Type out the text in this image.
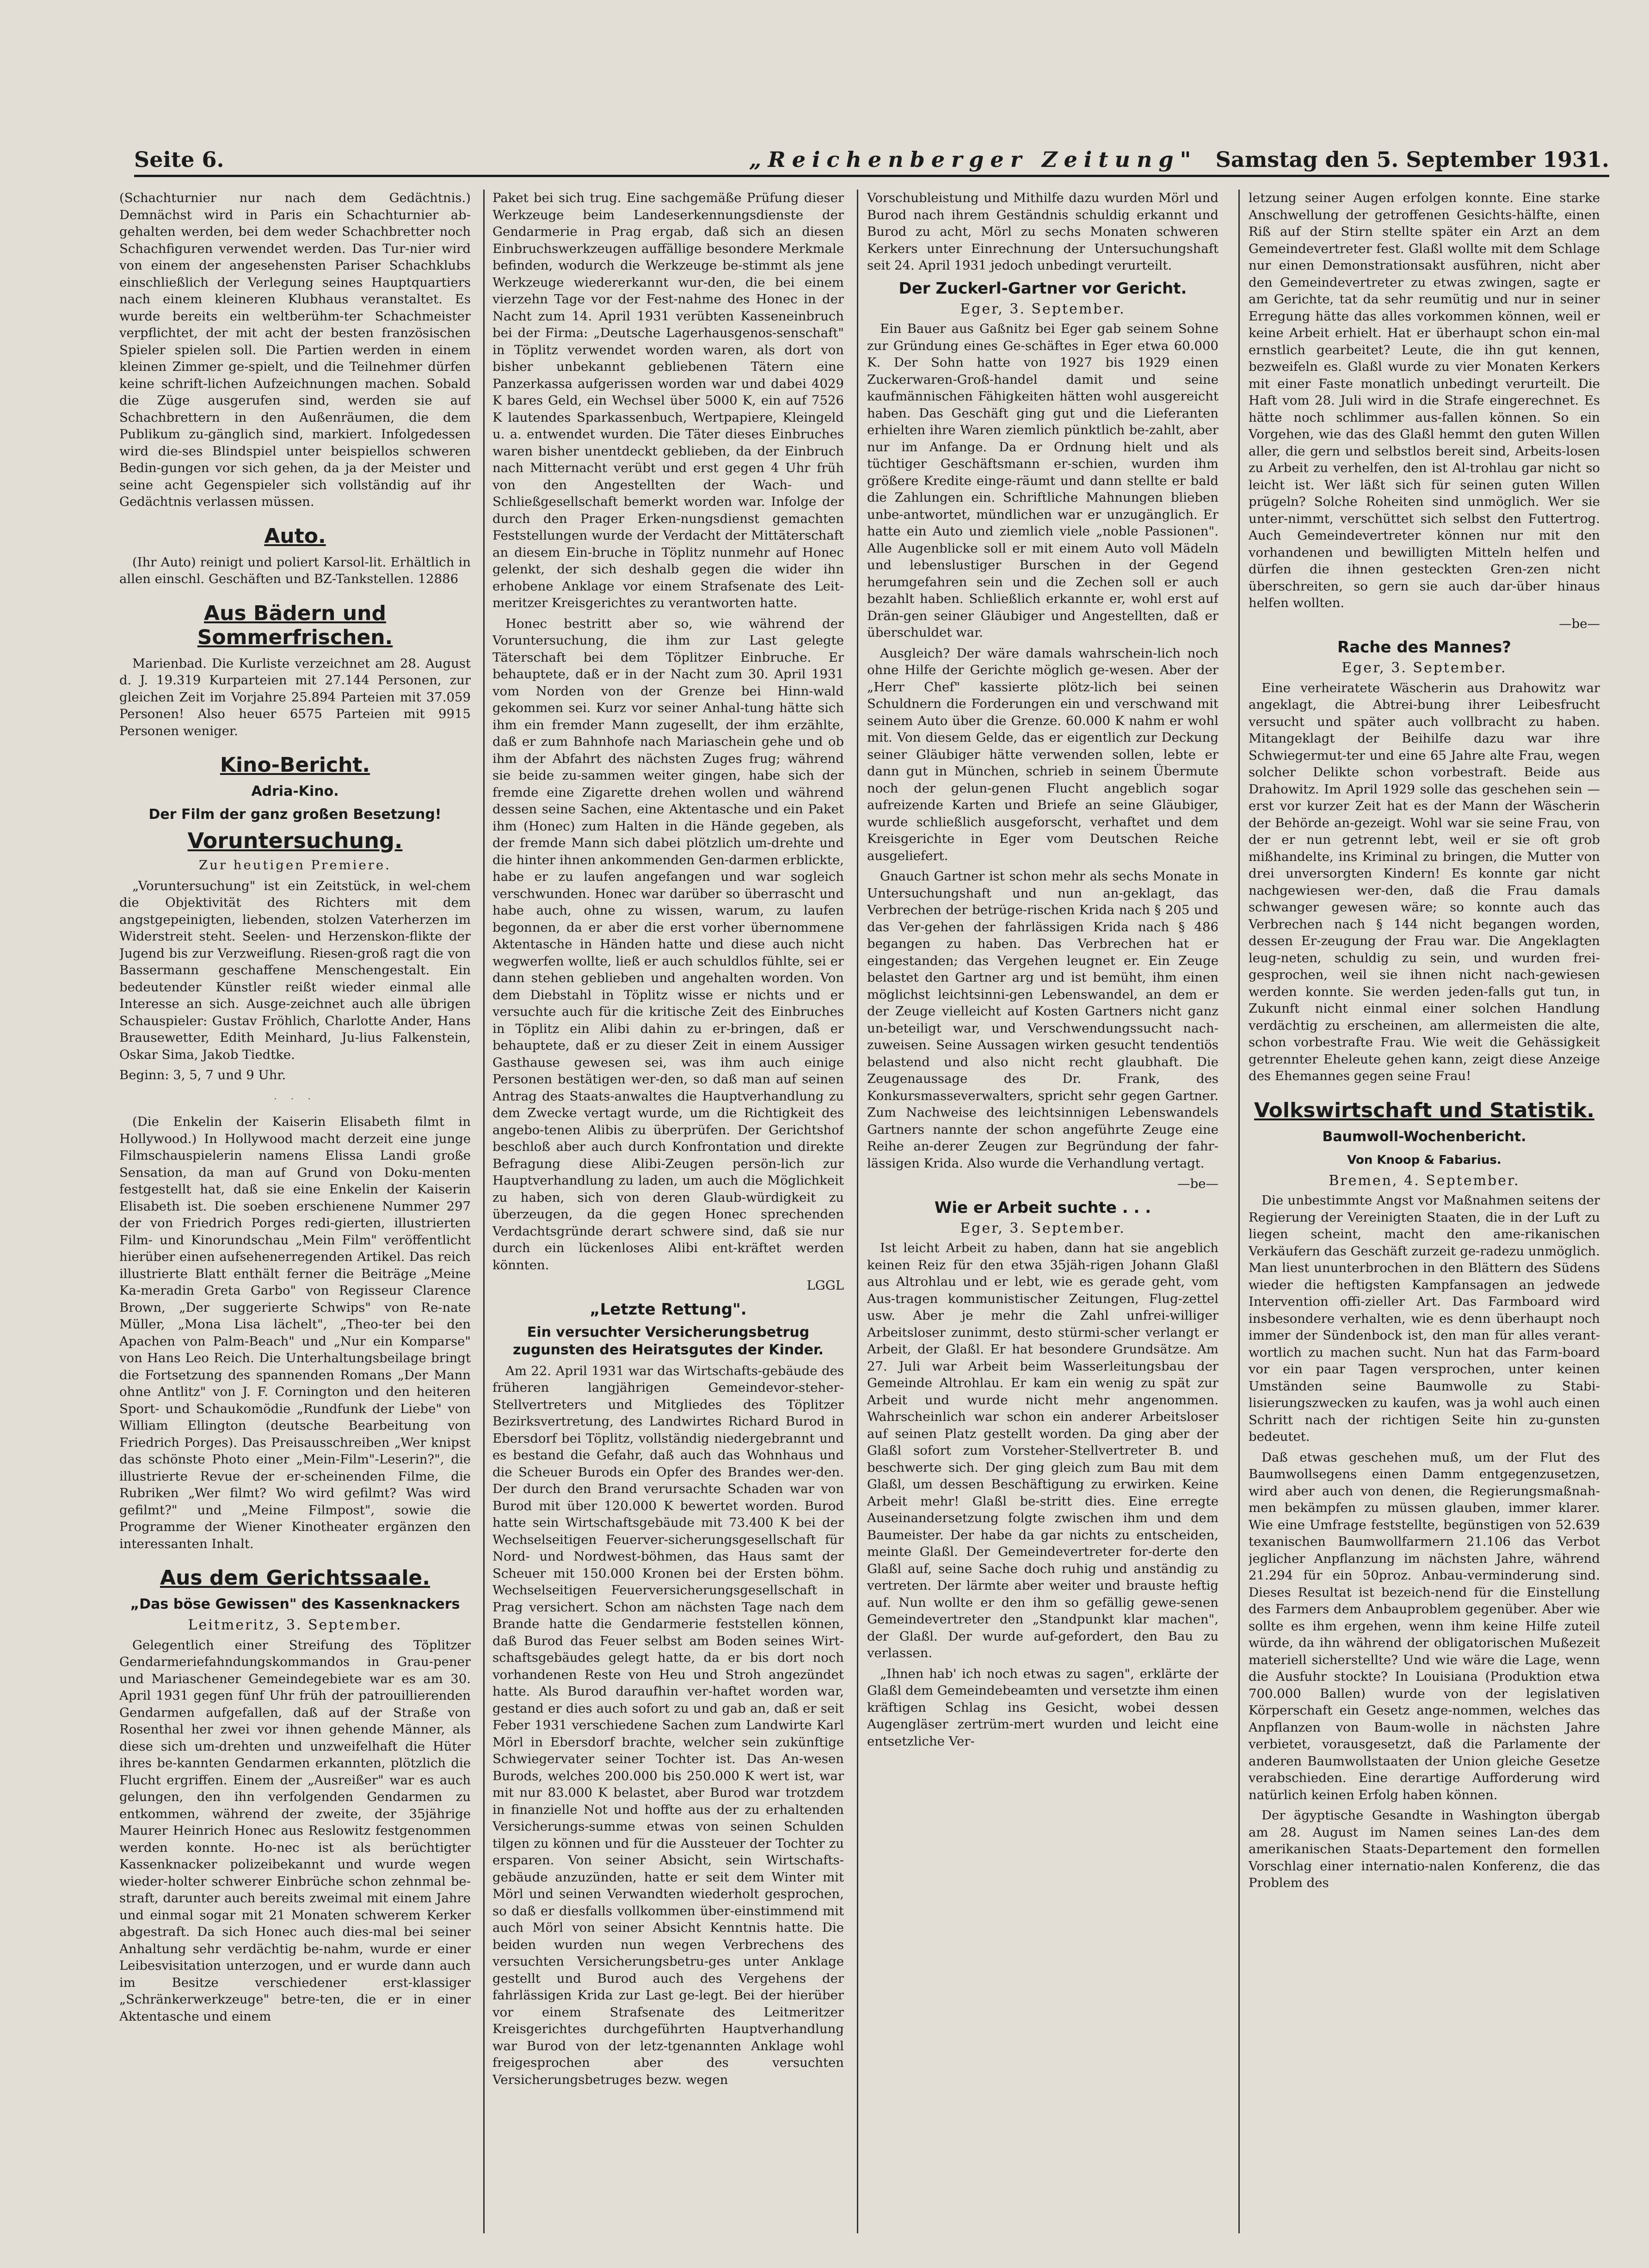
Seite 6.	„Reichenberger Zeitung" Samstag den 5. September 1931.

(Schachturnier nur nach dem Gedächtnis.) Demnächst wird in Paris ein Schachturnier ab-gehalten werden, bei dem weder Schachbretter noch Schachfiguren verwendet werden. Das Tur-nier wird von einem der angesehensten Pariser Schachklubs einschließlich der Verlegung seines Hauptquartiers nach einem kleineren Klubhaus veranstaltet. Es wurde bereits ein weltberühm-ter Schachmeister verpflichtet, der mit acht der besten französischen Spieler spielen soll. Die Partien werden in einem kleinen Zimmer ge-spielt, und die Teilnehmer dürfen keine schrift-lichen Aufzeichnungen machen. Sobald die Züge ausgerufen sind, werden sie auf Schachbrettern in den Außenräumen, die dem Publikum zu-gänglich sind, markiert. Infolgedessen wird die-ses Blindspiel unter beispiellos schweren Bedin-gungen vor sich gehen, da ja der Meister und seine acht Gegenspieler sich vollständig auf ihr Gedächtnis verlassen müssen.

Auto.

(Ihr Auto) reinigt und poliert Karsol-lit. Erhältlich in allen einschl. Geschäften und BZ-Tankstellen. 12886

Aus Bädern und Sommerfrischen.

Marienbad. Die Kurliste verzeichnet am 28. August d. J. 19.319 Kurparteien mit 27.144 Personen, zur gleichen Zeit im Vorjahre 25.894 Parteien mit 37.059 Personen! Also heuer 6575 Parteien mit 9915 Personen weniger.

Kino-Bericht.
Adria-Kino.
Der Film der ganz großen Besetzung!
Voruntersuchung.
Zur heutigen Premiere.

„Voruntersuchung" ist ein Zeitstück, in wel-chem die Objektivität des Richters mit dem angstgepeinigten, liebenden, stolzen Vaterherzen im Widerstreit steht. Seelen- und Herzenskon-flikte der Jugend bis zur Verzweiflung. Riesen-groß ragt die von Bassermann geschaffene Menschengestalt. Ein bedeutender Künstler reißt wieder einmal alle Interesse an sich. Ausge-zeichnet auch alle übrigen Schauspieler: Gustav Fröhlich, Charlotte Ander, Hans Brausewetter, Edith Meinhard, Ju-lius Falkenstein, Oskar Sima, Jakob Tiedtke.

Beginn: 3, 5, 7 und 9 Uhr.

· · ·

(Die Enkelin der Kaiserin Elisabeth filmt in Hollywood.) In Hollywood macht derzeit eine junge Filmschauspielerin namens Elissa Landi große Sensation, da man auf Grund von Doku-menten festgestellt hat, daß sie eine Enkelin der Kaiserin Elisabeth ist. Die soeben erschienene Nummer 297 der von Friedrich Porges redi-gierten, illustrierten Film- und Kinorundschau „Mein Film" veröffentlicht hierüber einen aufsehenerregenden Artikel. Das reich illustrierte Blatt enthält ferner die Beiträge „Meine Ka-meradin Greta Garbo" von Regisseur Clarence Brown, „Der suggerierte Schwips" von Re-nate Müller, „Mona Lisa lächelt", „Theo-ter bei den Apachen von Palm-Beach" und „Nur ein Komparse" von Hans Leo Reich. Die Unterhaltungsbeilage bringt die Fortsetzung des spannenden Romans „Der Mann ohne Antlitz" von J. F. Cornington und den heiteren Sport- und Schaukomödie „Rundfunk der Liebe" von William Ellington (deutsche Bearbeitung von Friedrich Porges). Das Preisausschreiben „Wer knipst das schönste Photo einer „Mein-Film"-Leserin?", die illustrierte Revue der er-scheinenden Filme, die Rubriken „Wer filmt? Wo wird gefilmt? Was wird gefilmt?" und „Meine Filmpost", sowie die Programme der Wiener Kinotheater ergänzen den interessanten Inhalt.

Aus dem Gerichtssaale.
„Das böse Gewissen" des Kassenknackers
Leitmeritz, 3. September.

Gelegentlich einer Streifung des Töplitzer Gendarmeriefahndungskommandos in Grau-pener und Mariaschener Gemeindegebiete war es am 30. April 1931 gegen fünf Uhr früh der patrouillierenden Gendarmen aufgefallen, daß auf der Straße von Rosenthal her zwei vor ihnen gehende Männer, als diese sich um-drehten und unzweifelhaft die Hüter ihres be-kannten Gendarmen erkannten, plötzlich die Flucht ergriffen. Einem der „Ausreißer" war es auch gelungen, den ihn verfolgenden Gendarmen zu entkommen, während der zweite, der 35jährige Maurer Heinrich Honec aus Reslowitz festgenommen werden konnte. Ho-nec ist als berüchtigter Kassenknacker polizeibekannt und wurde wegen wieder-holter schwerer Einbrüche schon zehnmal be-straft, darunter auch bereits zweimal mit einem Jahre und einmal sogar mit 21 Monaten schwerem Kerker abgestraft. Da sich Honec auch dies-mal bei seiner Anhaltung sehr verdächtig be-nahm, wurde er einer Leibesvisitation unterzogen, und er wurde dann auch im Besitze verschiedener erst-klassiger „Schränkerwerkzeuge" betre-ten, die er in einer Aktentasche und einem

Paket bei sich trug. Eine sachgemäße Prüfung dieser Werkzeuge beim Landeserkennungsdienste der Gendarmerie in Prag ergab, daß sich an diesen Einbruchswerkzeugen auffällige besondere Merkmale befinden, wodurch die Werkzeuge be-stimmt als jene Werkzeuge wiedererkannt wur-den, die bei einem vierzehn Tage vor der Fest-nahme des Honec in der Nacht zum 14. April 1931 verübten Kasseneinbruch bei der Firma: „Deutsche Lagerhausgenos-senschaft" in Töplitz verwendet worden waren, als dort von bisher unbekannt gebliebenen Tätern eine Panzerkassa aufgerissen worden war und dabei 4029 K bares Geld, ein Wechsel über 5000 K, ein auf 7526 K lautendes Sparkassenbuch, Wertpapiere, Kleingeld u. a. entwendet wurden. Die Täter dieses Einbruches waren bisher unentdeckt geblieben, da der Einbruch nach Mitternacht verübt und erst gegen 4 Uhr früh von den Angestellten der Wach- und Schließgesellschaft bemerkt worden war. Infolge der durch den Prager Erken-nungsdienst gemachten Feststellungen wurde der Verdacht der Mittäterschaft an diesem Ein-bruche in Töplitz nunmehr auf Honec gelenkt, der sich deshalb gegen die wider ihn erhobene Anklage vor einem Strafsenate des Leit-meritzer Kreisgerichtes zu verantworten hatte.

Honec bestritt aber so, wie während der Voruntersuchung, die ihm zur Last gelegte Täterschaft bei dem Töplitzer Einbruche. Er behauptete, daß er in der Nacht zum 30. April 1931 vom Norden von der Grenze bei Hinn-wald gekommen sei. Kurz vor seiner Anhal-tung hätte sich ihm ein fremder Mann zugesellt, der ihm erzählte, daß er zum Bahnhofe nach Mariaschein gehe und ob ihm der Abfahrt des nächsten Zuges frug; während sie beide zu-sammen weiter gingen, habe sich der fremde eine Zigarette drehen wollen und während dessen seine Sachen, eine Aktentasche und ein Paket ihm (Honec) zum Halten in die Hände gegeben, als der fremde Mann sich dabei plötzlich um-drehte und die hinter ihnen ankommenden Gen-darmen erblickte, habe er zu laufen angefangen und war sogleich verschwunden. Honec war darüber so überrascht und habe auch, ohne zu wissen, warum, zu laufen begonnen, da er aber die erst vorher übernommene Aktentasche in Händen hatte und diese auch nicht wegwerfen wollte, ließ er auch schuldlos fühlte, sei er dann stehen geblieben und angehalten worden. Von dem Diebstahl in Töplitz wisse er nichts und er versuchte auch für die kritische Zeit des Einbruches in Töplitz ein Alibi dahin zu er-bringen, daß er behauptete, daß er zu dieser Zeit in einem Aussiger Gasthause gewesen sei, was ihm auch einige Personen bestätigen wer-den, so daß man auf seinen Antrag des Staats-anwaltes die Hauptverhandlung zu dem Zwecke vertagt wurde, um die Richtigkeit des angebo-tenen Alibis zu überprüfen. Der Gerichtshof beschloß aber auch durch Konfrontation und direkte Befragung diese Alibi-Zeugen persön-lich zur Hauptverhandlung zu laden, um auch die Möglichkeit zu haben, sich von deren Glaub-würdigkeit zu überzeugen, da die gegen Honec sprechenden Verdachtsgründe derart schwere sind, daß sie nur durch ein lückenloses Alibi ent-kräftet werden könnten.

LGGL
„Letzte Rettung".
Ein versuchter Versicherungsbetrug zugunsten des Heiratsgutes der Kinder.

Am 22. April 1931 war das Wirtschafts-gebäude des früheren langjährigen Gemeindevor-steher-Stellvertreters und Mitgliedes des Töplitzer Bezirksvertretung, des Landwirtes Richard Burod in Ebersdorf bei Töplitz, vollständig niedergebrannt und es bestand die Gefahr, daß auch das Wohnhaus und die Scheuer Burods ein Opfer des Brandes wer-den. Der durch den Brand verursachte Schaden war von Burod mit über 120.000 K bewertet worden. Burod hatte sein Wirtschaftsgebäude mit 73.400 K bei der Wechselseitigen Feuerver-sicherungsgesellschaft für Nord- und Nordwest-böhmen, das Haus samt der Scheuer mit 150.000 Kronen bei der Ersten böhm. Wechselseitigen Feuerversicherungsgesellschaft in Prag versichert. Schon am nächsten Tage nach dem Brande hatte die Gendarmerie feststellen können, daß Burod das Feuer selbst am Boden seines Wirt-schaftsgebäudes gelegt hatte, da er bis dort noch vorhandenen Reste von Heu und Stroh angezündet hatte. Als Burod daraufhin ver-haftet worden war, gestand er dies auch sofort zu und gab an, daß er seit Feber 1931 verschiedene Sachen zum Landwirte Karl Mörl in Ebersdorf brachte, welcher sein zukünftige Schwiegervater seiner Tochter ist. Das An-wesen Burods, welches 200.000 bis 250.000 K wert ist, war mit nur 83.000 K belastet, aber Burod war trotzdem in finanzielle Not und hoffte aus der zu erhaltenden Versicherungs-summe etwas von seinen Schulden tilgen zu können und für die Aussteuer der Tochter zu ersparen. Von seiner Absicht, sein Wirtschafts-gebäude anzuzünden, hatte er seit dem Winter mit Mörl und seinen Verwandten wiederholt gesprochen, so daß er diesfalls vollkommen über-einstimmend mit auch Mörl von seiner Absicht Kenntnis hatte. Die beiden wurden nun wegen Verbrechens des versuchten Versicherungsbetru-ges unter Anklage gestellt und Burod auch des Vergehens der fahrlässigen Krida zur Last ge-legt. Bei der hierüber vor einem Strafsenate des Leitmeritzer Kreisgerichtes durchgeführten Hauptverhandlung war Burod von der letz-tgenannten Anklage wohl freigesprochen aber des versuchten Versicherungsbetruges bezw. wegen

Vorschubleistung und Mithilfe dazu wurden Mörl und Burod nach ihrem Geständnis schuldig erkannt und Burod zu acht, Mörl zu sechs Monaten schweren Kerkers unter Einrechnung der Untersuchungshaft seit 24. April 1931 jedoch unbedingt verurteilt.

Der Zuckerl-Gartner vor Gericht.
Eger, 3. September.

Ein Bauer aus Gaßnitz bei Eger gab seinem Sohne zur Gründung eines Ge-schäftes in Eger etwa 60.000 K. Der Sohn hatte von 1927 bis 1929 einen Zuckerwaren-Groß-handel damit und seine kaufmännischen Fähigkeiten hätten wohl ausgereicht haben. Das Geschäft ging gut und die Lieferanten erhielten ihre Waren ziemlich pünktlich be-zahlt, aber nur im Anfange. Da er Ordnung hielt und als tüchtiger Geschäftsmann er-schien, wurden ihm größere Kredite einge-räumt und dann stellte er bald die Zahlungen ein. Schriftliche Mahnungen blieben unbe-antwortet, mündlichen war er unzugänglich. Er hatte ein Auto und ziemlich viele „noble Passionen". Alle Augenblicke soll er mit einem Auto voll Mädeln und lebenslustiger Burschen in der Gegend herumgefahren sein und die Zechen soll er auch bezahlt haben. Schließlich erkannte er, wohl erst auf Drän-gen seiner Gläubiger und Angestellten, daß er überschuldet war.

Ausgleich? Der wäre damals wahrschein-lich noch ohne Hilfe der Gerichte möglich ge-wesen. Aber der „Herr Chef" kassierte plötz-lich bei seinen Schuldnern die Forderungen ein und verschwand mit seinem Auto über die Grenze. 60.000 K nahm er wohl mit. Von diesem Gelde, das er eigentlich zur Deckung seiner Gläubiger hätte verwenden sollen, lebte er dann gut in München, schrieb in seinem Übermute noch der gelun-genen Flucht angeblich sogar aufreizende Karten und Briefe an seine Gläubiger, wurde schließlich ausgeforscht, verhaftet und dem Kreisgerichte in Eger vom Deutschen Reiche ausgeliefert.

Gnauch Gartner ist schon mehr als sechs Monate in Untersuchungshaft und nun an-geklagt, das Verbrechen der betrüge-rischen Krida nach § 205 und das Ver-gehen der fahrlässigen Krida nach § 486 begangen zu haben. Das Verbrechen hat er eingestanden; das Vergehen leugnet er. Ein Zeuge belastet den Gartner arg und ist bemüht, ihm einen möglichst leichtsinni-gen Lebenswandel, an dem er der Zeuge vielleicht auf Kosten Gartners nicht ganz un-beteiligt war, und Verschwendungssucht nach-zuweisen. Seine Aussagen wirken gesucht tendentiös belastend und also nicht recht glaubhaft. Die Zeugenaussage des Dr. Frank, des Konkursmasseverwalters, spricht sehr gegen Gartner. Zum Nachweise des leichtsinnigen Lebenswandels Gartners nannte der schon angeführte Zeuge eine Reihe an-derer Zeugen zur Begründung der fahr-lässigen Krida. Also wurde die Verhandlung vertagt.

—be—
Wie er Arbeit suchte . . .
Eger, 3. September.

Ist leicht Arbeit zu haben, dann hat sie angeblich keinen Reiz für den etwa 35jäh-rigen Johann Glaßl aus Altrohlau und er lebt, wie es gerade geht, vom Aus-tragen kommunistischer Zeitungen, Flug-zettel usw. Aber je mehr die Zahl unfrei-williger Arbeitsloser zunimmt, desto stürmi-scher verlangt er Arbeit, der Glaßl. Er hat besondere Grundsätze. Am 27. Juli war Arbeit beim Wasserleitungsbau der Gemeinde Altrohlau. Er kam ein wenig zu spät zur Arbeit und wurde nicht mehr angenommen. Wahrscheinlich war schon ein anderer Arbeitsloser auf seinen Platz gestellt worden. Da ging aber der Glaßl sofort zum Vorsteher-Stellvertreter B. und beschwerte sich. Der ging gleich zum Bau mit dem Glaßl, um dessen Beschäftigung zu erwirken. Keine Arbeit mehr! Glaßl be-stritt dies. Eine erregte Auseinandersetzung folgte zwischen ihm und dem Baumeister. Der habe da gar nichts zu entscheiden, meinte Glaßl. Der Gemeindevertreter for-derte den Glaßl auf, seine Sache doch ruhig und anständig zu vertreten. Der lärmte aber weiter und brauste heftig auf. Nun wollte er den ihm so gefällig gewe-senen Gemeindevertreter den „Standpunkt klar machen", der Glaßl. Der wurde auf-gefordert, den Bau zu verlassen.

„Ihnen hab' ich noch etwas zu sagen", erklärte der Glaßl dem Gemeindebeamten und versetzte ihm einen kräftigen Schlag ins Gesicht, wobei dessen Augengläser zertrüm-mert wurden und leicht eine entsetzliche Ver-

letzung seiner Augen erfolgen konnte. Eine starke Anschwellung der getroffenen Gesichts-hälfte, einen Riß auf der Stirn stellte später ein Arzt an dem Gemeindevertreter fest. Glaßl wollte mit dem Schlage nur einen Demonstrationsakt ausführen, nicht aber den Gemeindevertreter zu etwas zwingen, sagte er am Gerichte, tat da sehr reumütig und nur in seiner Erregung hätte das alles vorkommen können, weil er keine Arbeit erhielt. Hat er überhaupt schon ein-mal ernstlich gearbeitet? Leute, die ihn gut kennen, bezweifeln es. Glaßl wurde zu vier Monaten Kerkers mit einer Faste monatlich unbedingt verurteilt. Die Haft vom 28. Juli wird in die Strafe eingerechnet. Es hätte noch schlimmer aus-fallen können. So ein Vorgehen, wie das des Glaßl hemmt den guten Willen aller, die gern und selbstlos bereit sind, Arbeits-losen zu Arbeit zu verhelfen, den ist Al-trohlau gar nicht so leicht ist. Wer läßt sich für seinen guten Willen prügeln? Solche Roheiten sind unmöglich. Wer sie unter-nimmt, verschüttet sich selbst den Futtertrog. Auch Gemeindevertreter können nur mit den vorhandenen und bewilligten Mitteln helfen und dürfen die ihnen gesteckten Gren-zen nicht überschreiten, so gern sie auch dar-über hinaus helfen wollten.

—be—
Rache des Mannes?
Eger, 3. September.

Eine verheiratete Wäscherin aus Drahowitz war angeklagt, die Abtrei-bung ihrer Leibesfrucht versucht und später auch vollbracht zu haben. Mitangeklagt der Beihilfe dazu war ihre Schwiegermut-ter und eine 65 Jahre alte Frau, wegen solcher Delikte schon vorbestraft. Beide aus Drahowitz. Im April 1929 solle das geschehen sein — erst vor kurzer Zeit hat es der Mann der Wäscherin der Behörde an-gezeigt. Wohl war sie seine Frau, von der er nun getrennt lebt, weil er sie oft grob mißhandelte, ins Kriminal zu bringen, die Mutter von drei unversorgten Kindern! Es konnte gar nicht nachgewiesen wer-den, daß die Frau damals schwanger gewesen wäre; so konnte auch das Verbrechen nach § 144 nicht begangen worden, dessen Er-zeugung der Frau war. Die Angeklagten leug-neten, schuldig zu sein, und wurden frei-gesprochen, weil sie ihnen nicht nach-gewiesen werden konnte. Sie werden jeden-falls gut tun, in Zukunft nicht einmal einer solchen Handlung verdächtig zu erscheinen, am allermeisten die alte, schon vorbestrafte Frau. Wie weit die Gehässigkeit getrennter Eheleute gehen kann, zeigt diese Anzeige des Ehemannes gegen seine Frau!

Volkswirtschaft und Statistik.
Baumwoll-Wochenbericht.
Von Knoop & Fabarius.
Bremen, 4. September.

Die unbestimmte Angst vor Maßnahmen seitens der Regierung der Vereinigten Staaten, die in der Luft zu liegen scheint, macht den ame-rikanischen Verkäufern das Geschäft zurzeit ge-radezu unmöglich. Man liest ununterbrochen in den Blättern des Südens wieder die heftigsten Kampfansagen an jedwede Intervention offi-zieller Art. Das Farmboard wird insbesondere verhalten, wie es denn überhaupt noch immer der Sündenbock ist, den man für alles verant-wortlich zu machen sucht. Nun hat das Farm-board vor ein paar Tagen versprochen, unter keinen Umständen seine Baumwolle zu Stabi-lisierungszwecken zu kaufen, was ja wohl auch einen Schritt nach der richtigen Seite hin zu-gunsten bedeutet.

Daß etwas geschehen muß, um der Flut des Baumwollsegens einen Damm entgegenzusetzen, wird aber auch von denen, die Regierungsmaßnah-men bekämpfen zu müssen glauben, immer klarer. Wie eine Umfrage feststellte, begünstigen von 52.639 texanischen Baumwollfarmern 21.106 das Verbot jeglicher Anpflanzung im nächsten Jahre, während 21.294 für ein 50proz. Anbau-verminderung sind. Dieses Resultat ist bezeich-nend für die Einstellung des Farmers dem Anbauproblem gegenüber. Aber wie sollte es ihm ergehen, wenn ihm keine Hilfe zuteil würde, da ihn während der obligatorischen Mußezeit materiell sicherstellte? Und wie wäre die Lage, wenn die Ausfuhr stockte? In Louisiana (Produktion etwa 700.000 Ballen) wurde von der legislativen Körperschaft ein Gesetz ange-nommen, welches das Anpflanzen von Baum-wolle in nächsten Jahre verbietet, vorausgesetzt, daß die Parlamente der anderen Baumwollstaaten der Union gleiche Gesetze verabschieden. Eine derartige Aufforderung wird natürlich keinen Erfolg haben können.

Der ägyptische Gesandte in Washington übergab am 28. August im Namen seines Lan-des dem amerikanischen Staats-Departement den formellen Vorschlag einer internatio-nalen Konferenz, die das Problem des
